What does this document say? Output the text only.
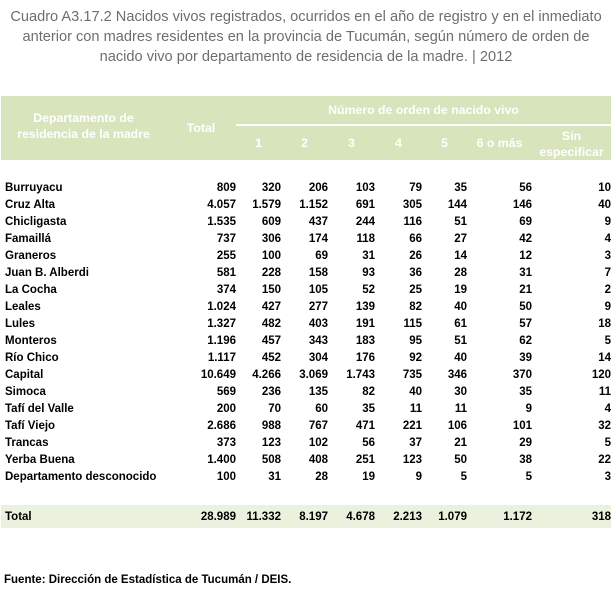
Cuadro A3.17.2 Nacidos vivos registrados, ocurridos en el año de registro y en el inmediato
anterior con madres residentes en la provincia de Tucumán, según número de orden de
nacido vivo por departamento de residencia de la madre. | 2012
Departamento de
residencia de la madre	Total	Número de orden de nacido vivo						
		1	2	3	4	5	6 o más	Sin
especificar

Burruyacu	809	320	206	103	79	35	56	10
Cruz Alta	4.057	1.579	1.152	691	305	144	146	40
Chicligasta	1.535	609	437	244	116	51	69	9
Famaillá	737	306	174	118	66	27	42	4
Graneros	255	100	69	31	26	14	12	3
Juan B. Alberdi	581	228	158	93	36	28	31	7
La Cocha	374	150	105	52	25	19	21	2
Leales	1.024	427	277	139	82	40	50	9
Lules	1.327	482	403	191	115	61	57	18
Monteros	1.196	457	343	183	95	51	62	5
Río Chico	1.117	452	304	176	92	40	39	14
Capital	10.649	4.266	3.069	1.743	735	346	370	120
Simoca	569	236	135	82	40	30	35	11
Tafí del Valle	200	70	60	35	11	11	9	4
Tafí Viejo	2.686	988	767	471	221	106	101	32
Trancas	373	123	102	56	37	21	29	5
Yerba Buena	1.400	508	408	251	123	50	38	22
Departamento desconocido	100	31	28	19	9	5	5	3

Total	28.989	11.332	8.197	4.678	2.213	1.079	1.172	318
Fuente: Dirección de Estadística de Tucumán / DEIS.
